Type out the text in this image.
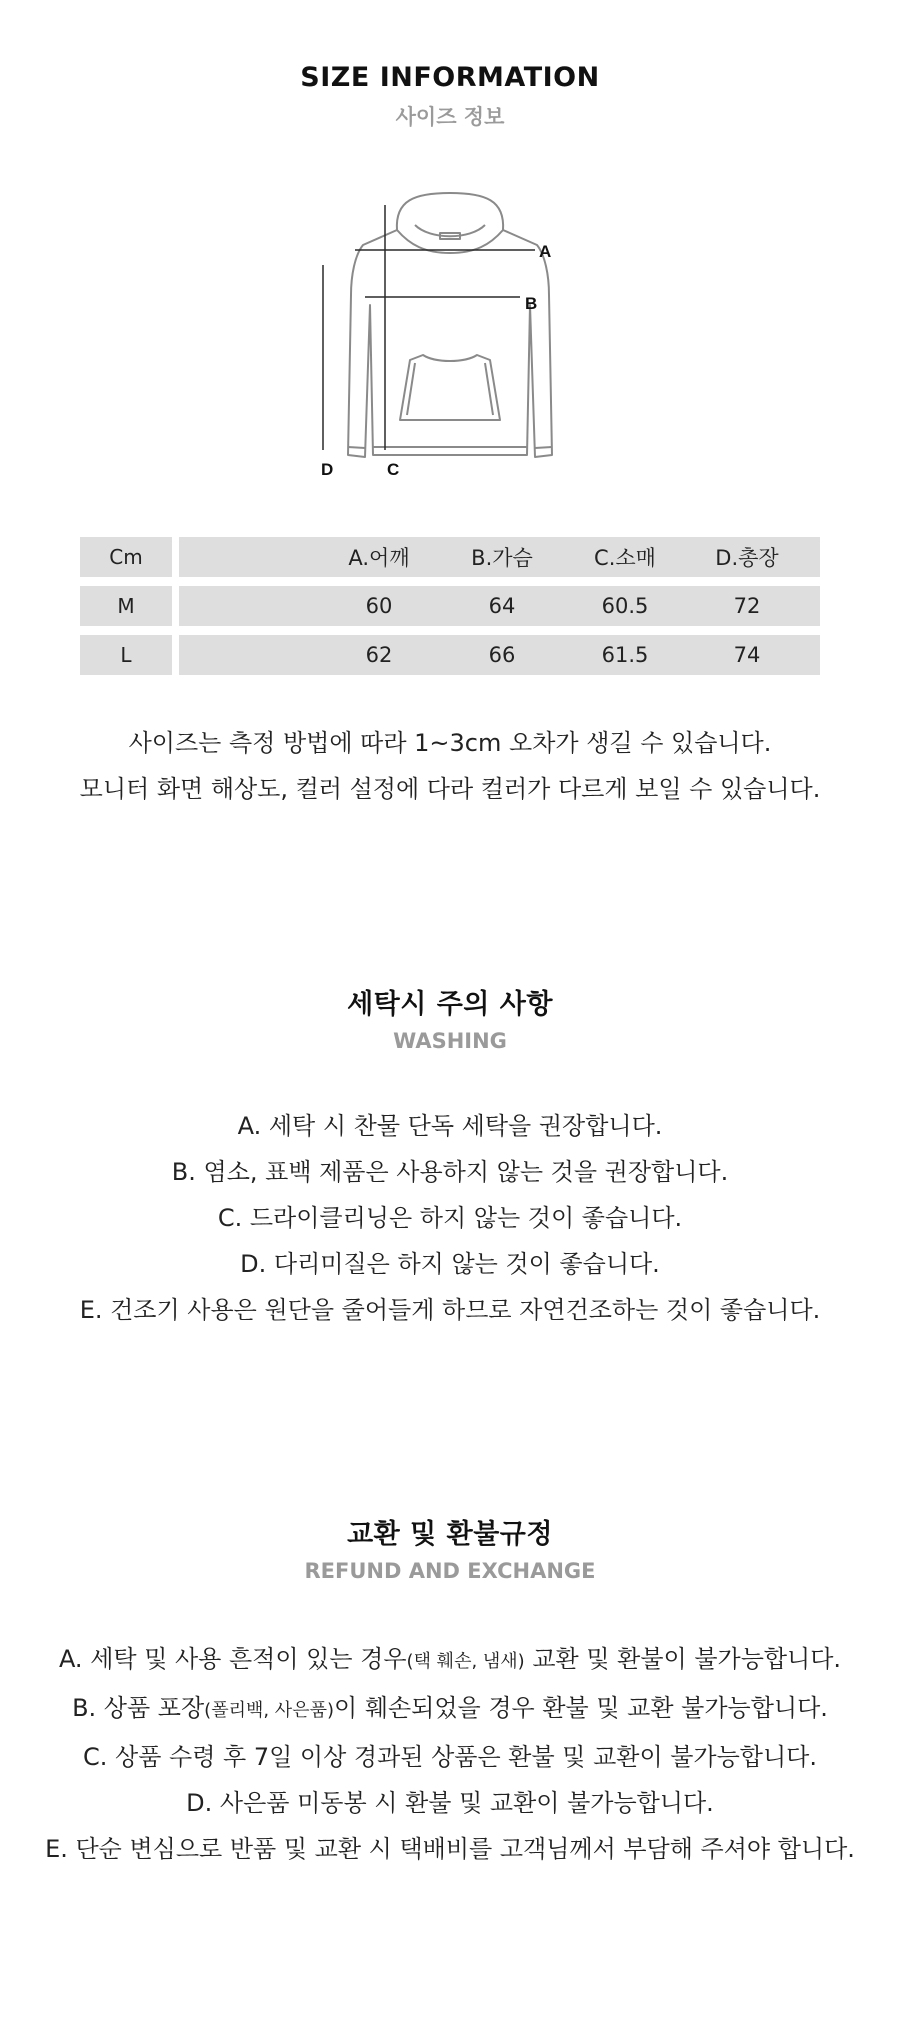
SIZE INFORMATION
사이즈 정보
A
B
C
D
Cm	A.어깨	B.가슴	C.소매	D.총장
M	60	64	60.5	72
L	62	66	61.5	74

사이즈는 측정 방법에 따라 1~3cm 오차가 생길 수 있습니다.

모니터 화면 해상도, 컬러 설정에 다라 컬러가 다르게 보일 수 있습니다.

세탁시 주의 사항
WASHING

A. 세탁 시 찬물 단독 세탁을 권장합니다.

B. 염소, 표백 제품은 사용하지 않는 것을 권장합니다.

C. 드라이클리닝은 하지 않는 것이 좋습니다.

D. 다리미질은 하지 않는 것이 좋습니다.

E. 건조기 사용은 원단을 줄어들게 하므로 자연건조하는 것이 좋습니다.

교환 및 환불규정
REFUND AND EXCHANGE

A. 세탁 및 사용 흔적이 있는 경우(택 훼손, 냄새) 교환 및 환불이 불가능합니다.

B. 상품 포장(폴리백, 사은품)이 훼손되었을 경우 환불 및 교환 불가능합니다.

C. 상품 수령 후 7일 이상 경과된 상품은 환불 및 교환이 불가능합니다.

D. 사은품 미동봉 시 환불 및 교환이 불가능합니다.

E. 단순 변심으로 반품 및 교환 시 택배비를 고객님께서 부담해 주셔야 합니다.
